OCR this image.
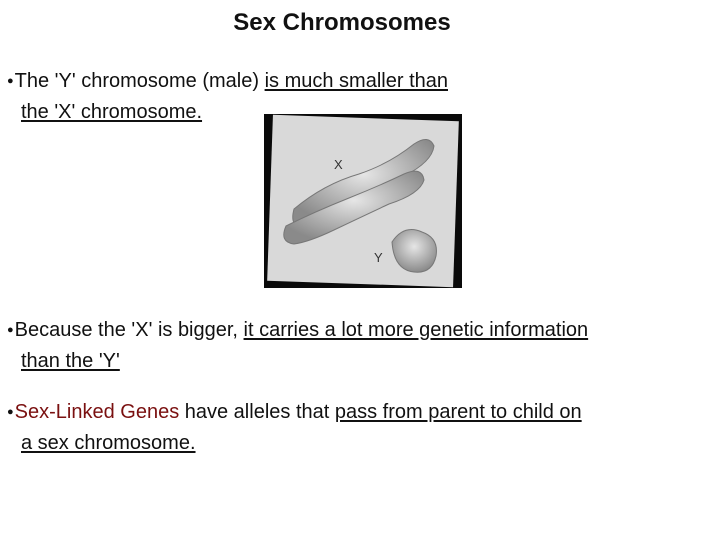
Sex Chromosomes
●The 'Y' chromosome (male) is much smaller than
the 'X' chromosome.
X
Y
●Because the 'X' is bigger, it carries a lot more genetic information
than the 'Y'
●Sex-Linked Genes have alleles that pass from parent to child on
a sex chromosome.
